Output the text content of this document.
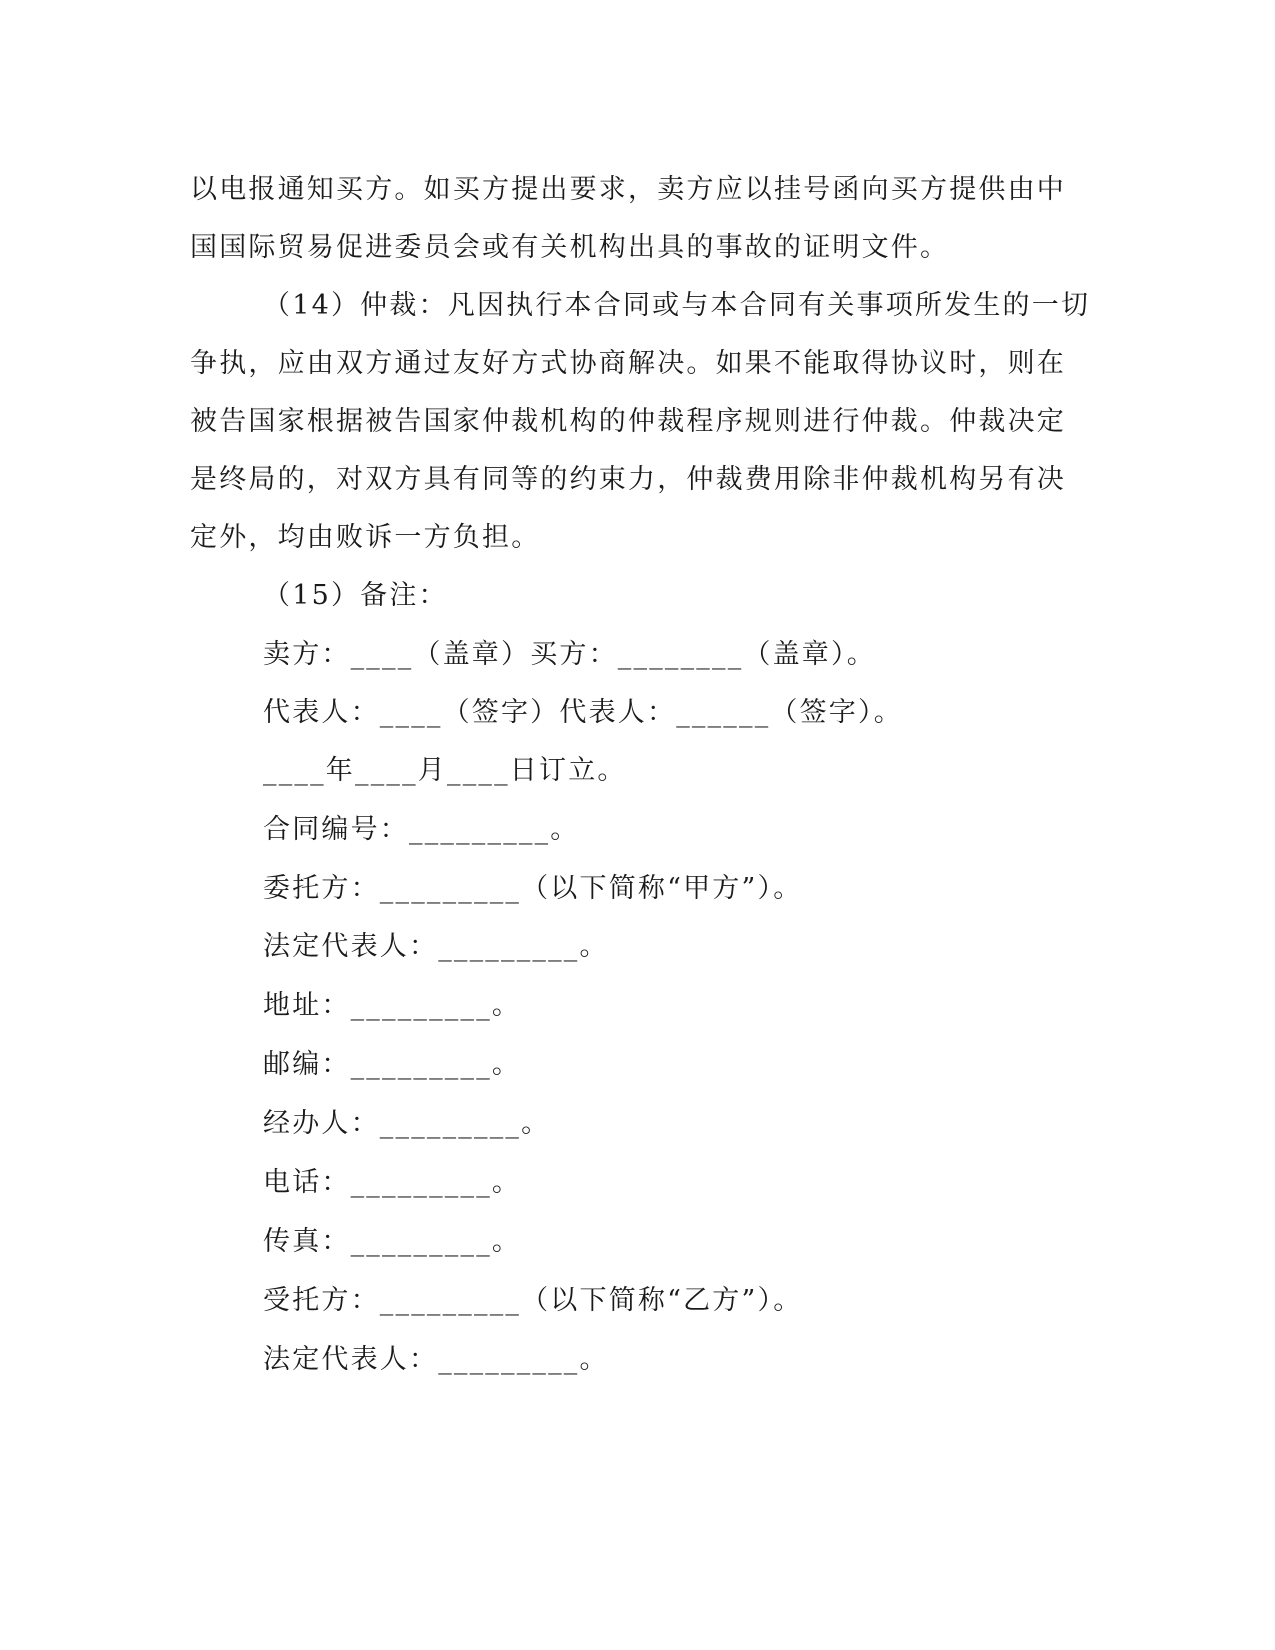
以电报通知买方。如买方提出要求，卖方应以挂号函向买方提供由中
国国际贸易促进委员会或有关机构出具的事故的证明文件。
（14）仲裁：凡因执行本合同或与本合同有关事项所发生的一切
争执，应由双方通过友好方式协商解决。如果不能取得协议时，则在
被告国家根据被告国家仲裁机构的仲裁程序规则进行仲裁。仲裁决定
是终局的，对双方具有同等的约束力，仲裁费用除非仲裁机构另有决
定外，均由败诉一方负担。
（15）备注：
卖方：____（盖章）买方：________（盖章）。
代表人：____（签字）代表人：______（签字）。
____年____月____日订立。
合同编号：_________。
委托方：_________（以下简称“甲方”）。
法定代表人：_________。
地址：_________。
邮编：_________。
经办人：_________。
电话：_________。
传真：_________。
受托方：_________（以下简称“乙方”）。
法定代表人：_________。
